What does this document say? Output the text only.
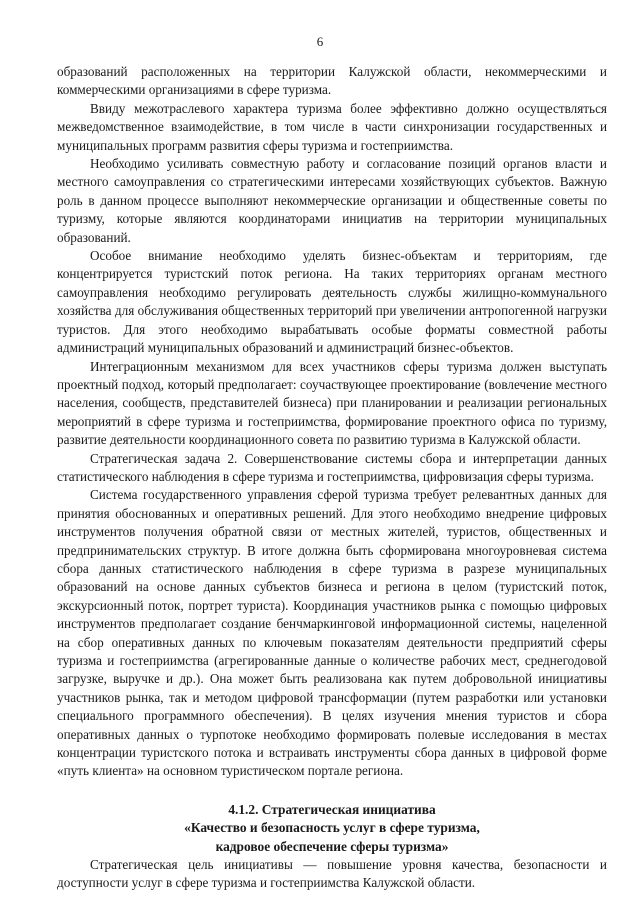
6

образований расположенных на территории Калужской области, некоммерческими и коммерческими организациями в сфере туризма.

Ввиду межотраслевого характера туризма более эффективно должно осуществляться межведомственное взаимодействие, в том числе в части синхронизации государственных и муниципальных программ развития сферы туризма и гостеприимства.

Необходимо усиливать совместную работу и согласование позиций органов власти и местного самоуправления со стратегическими интересами хозяйствующих субъектов. Важную роль в данном процессе выполняют некоммерческие организации и общественные советы по туризму, которые являются координаторами инициатив на территории муниципальных образований.

Особое внимание необходимо уделять бизнес-объектам и территориям, где концентрируется туристский поток региона. На таких территориях органам местного самоуправления необходимо регулировать деятельность службы жилищно-коммунального хозяйства для обслуживания общественных территорий при увеличении антропогенной нагрузки туристов. Для этого необходимо вырабатывать особые форматы совместной работы администраций муниципальных образований и администраций бизнес-объектов.

Интеграционным механизмом для всех участников сферы туризма должен выступать проектный подход, который предполагает: соучаствующее проектирование (вовлечение местного населения, сообществ, представителей бизнеса) при планировании и реализации региональных мероприятий в сфере туризма и гостеприимства, формирование проектного офиса по туризму, развитие деятельности координационного совета по развитию туризма в Калужской области.

Стратегическая задача 2. Совершенствование системы сбора и интерпретации данных статистического наблюдения в сфере туризма и гостеприимства, цифровизация сферы туризма.

Система государственного управления сферой туризма требует релевантных данных для принятия обоснованных и оперативных решений. Для этого необходимо внедрение цифровых инструментов получения обратной связи от местных жителей, туристов, общественных и предпринимательских структур. В итоге должна быть сформирована многоуровневая система сбора данных статистического наблюдения в сфере туризма в разрезе муниципальных образований на основе данных субъектов бизнеса и региона в целом (туристский поток, экскурсионный поток, портрет туриста). Координация участников рынка с помощью цифровых инструментов предполагает создание бенчмаркинговой информационной системы, нацеленной на сбор оперативных данных по ключевым показателям деятельности предприятий сферы туризма и гостеприимства (агрегированные данные о количестве рабочих мест, среднегодовой загрузке, выручке и др.). Она может быть реализована как путем добровольной инициативы участников рынка, так и методом цифровой трансформации (путем разработки или установки специального программного обеспечения). В целях изучения мнения туристов и сбора оперативных данных о турпотоке необходимо формировать полевые исследования в местах концентрации туристского потока и встраивать инструменты сбора данных в цифровой форме «путь клиента» на основном туристическом портале региона.

4.1.2. Стратегическая инициатива
«Качество и безопасность услуг в сфере туризма,
кадровое обеспечение сферы туризма»

Стратегическая цель инициативы — повышение уровня качества, безопасности и доступности услуг в сфере туризма и гостеприимства Калужской области.
